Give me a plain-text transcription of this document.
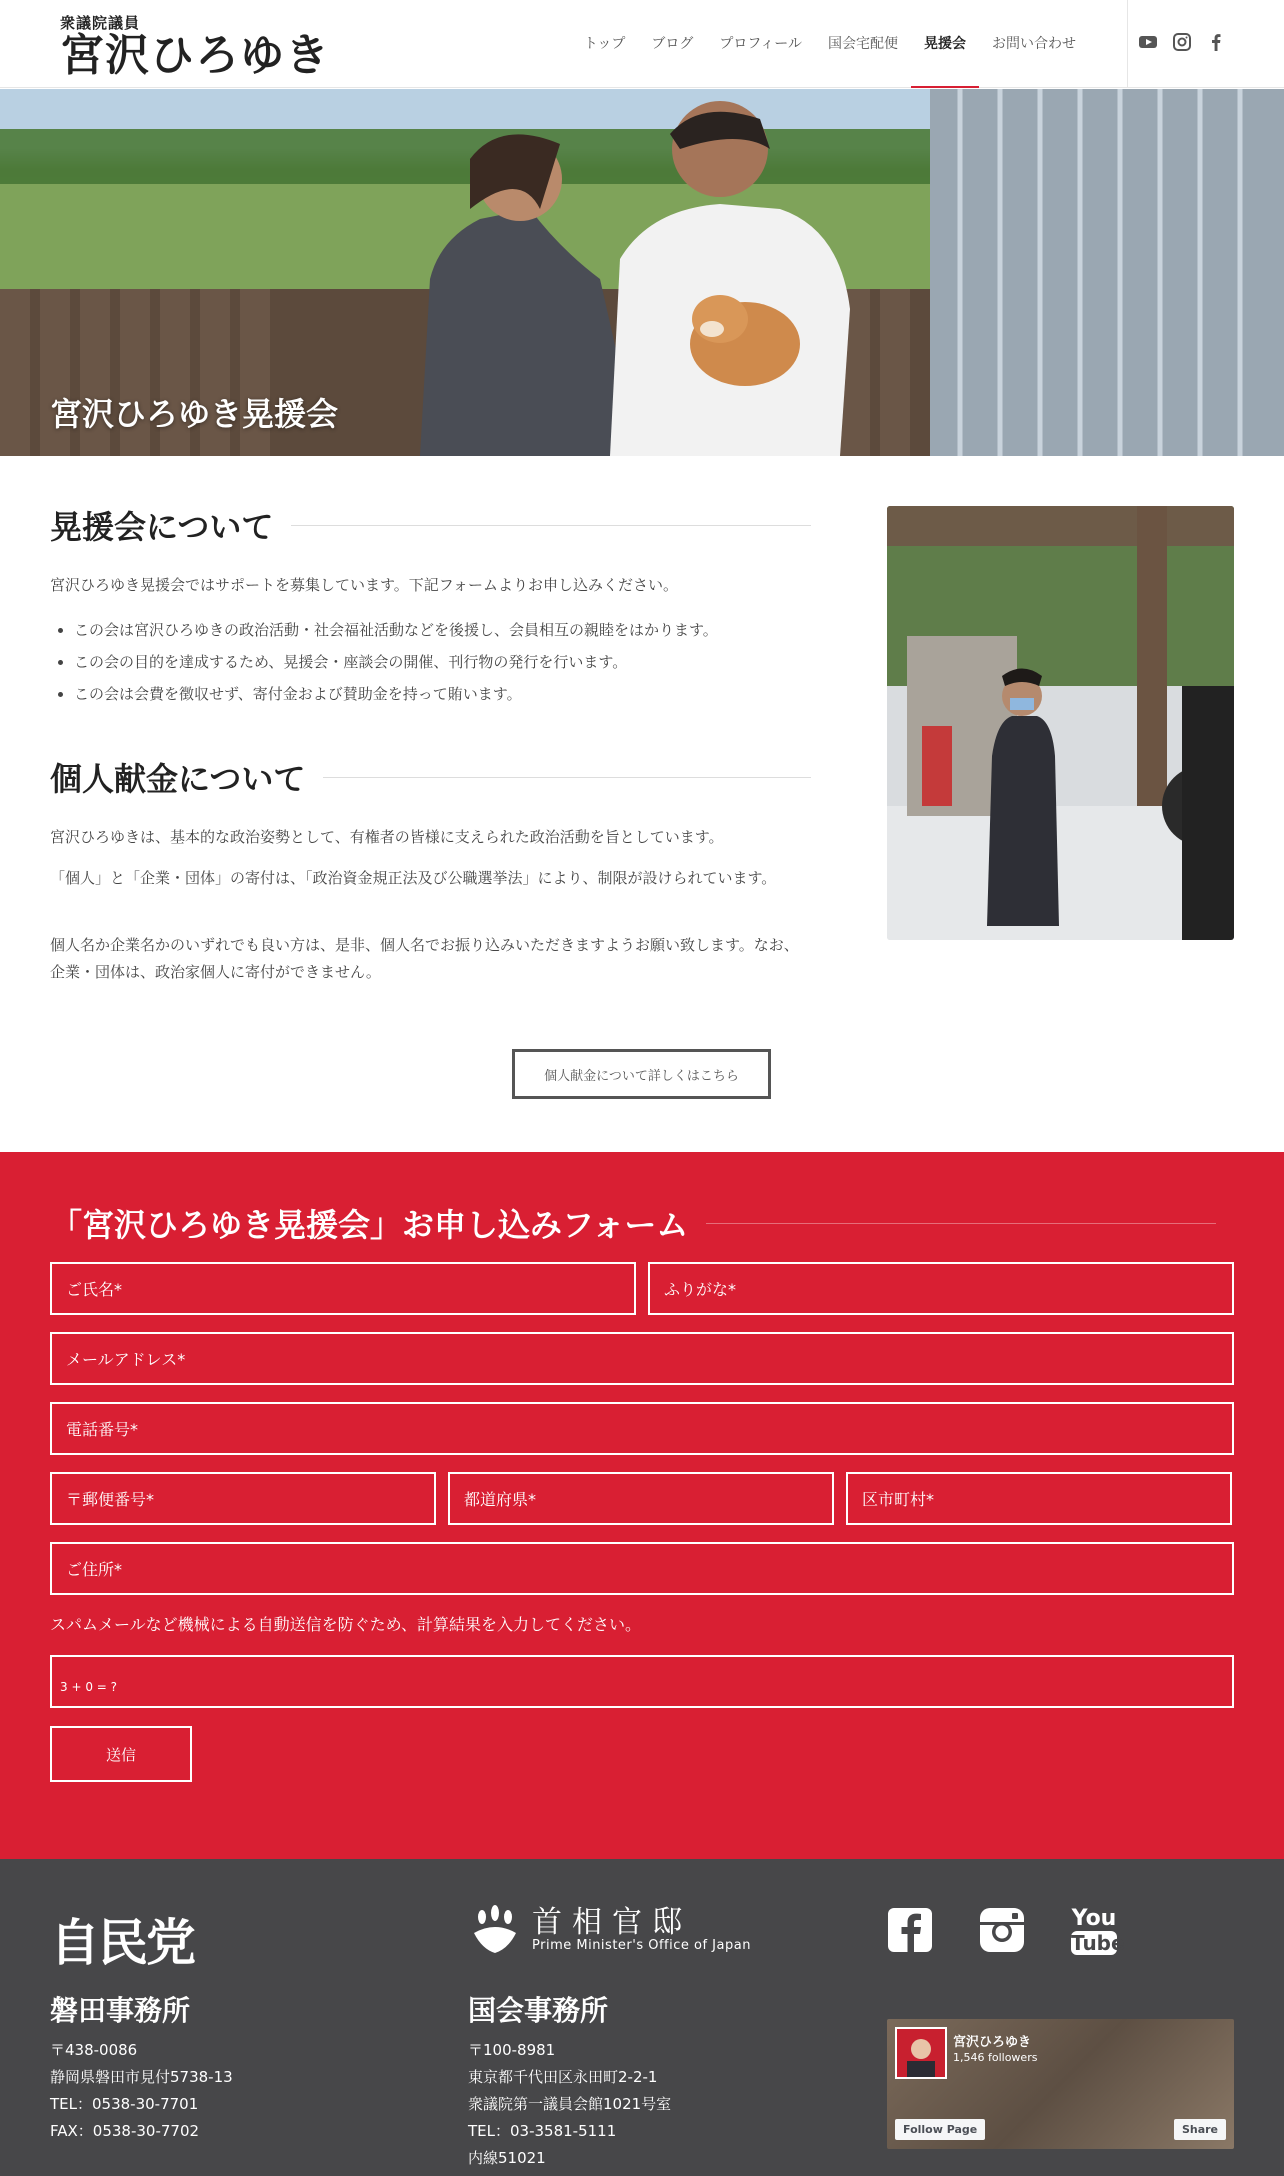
衆議院議員
宮沢ひろゆき	トップ	ブログ	プロフィール	国会宅配便	晃援会	お問い合わせ
宮沢ひろゆき晃援会
晃援会について
宮沢ひろゆき晃援会ではサポートを募集しています。下記フォームよりお申し込みください。
• この会は宮沢ひろゆきの政治活動・社会福祉活動などを後援し、会員相互の親睦をはかります。
• この会の目的を達成するため、晃援会・座談会の開催、刊行物の発行を行います。
• この会は会費を徴収せず、寄付金および賛助金を持って賄います。
個人献金について
宮沢ひろゆきは、基本的な政治姿勢として、有権者の皆様に支えられた政治活動を旨としています。
「個人」と「企業・団体」の寄付は、「政治資金規正法及び公職選挙法」により、制限が設けられています。
個人名か企業名かのいずれでも良い方は、是非、個人名でお振り込みいただきますようお願い致します。なお、企業・団体は、政治家個人に寄付ができません。
個人献金について詳しくはこちら
「宮沢ひろゆき晃援会」お申し込みフォーム
ご氏名*	ふりがな*
メールアドレス*
電話番号*
〒郵便番号*	都道府県*	区市町村*
ご住所*
スパムメールなど機械による自動送信を防ぐため、計算結果を入力してください。
3 + 0 = ?
送信
自民党	首相官邸
Prime Minister's Office of Japan
You
Tube
磐田事務所
〒438-0086
静岡県磐田市見付5738-13
TEL：0538-30-7701
FAX：0538-30-7702
国会事務所
〒100-8981
東京都千代田区永田町2-2-1
衆議院第一議員会館1021号室
TEL：03-3581-5111
内線51021
宮沢ひろゆき
1,546 followers
Follow Page	Share
